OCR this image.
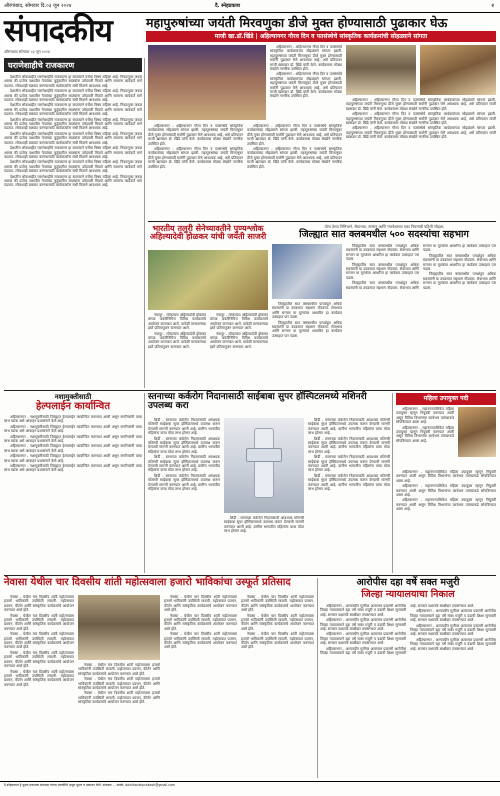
औरंगाबाद, सोमवार दि.०३ जून २०२४	दै. स्नेहप्रकाश	२
संपादकीय
औरंगाबाद सोमवार ०३ जून २०२४
महापुरुषांच्या जयंती मिरवणुका डीजे मुक्त होण्यासाठी पुढाकार घेऊ
माजी खा.डॉ.खिंडे | अहिल्यानगर गौरव दिन व पतसंस्थेचे सांस्कृतिक कार्यक्रमांची सोहळ्याने सांगता
घराणेशाहीचे राजकारण

देशातील लोकशाहीत घराणेशाहीचे राजकारण हा सातत्याने चर्चेचा विषय राहिला आहे. निवडणुका जवळ आल्या की प्रत्येक पक्षातील नेत्यांच्या कुटुंबातील सदस्यांना उमेदवारी मिळते आणि सामान्य कार्यकर्ते मागे पडतात. लोकशाही बळकट करण्यासाठी कार्यकर्त्यांना संधी मिळणे आवश्यक आहे.

देशातील लोकशाहीत घराणेशाहीचे राजकारण हा सातत्याने चर्चेचा विषय राहिला आहे. निवडणुका जवळ आल्या की प्रत्येक पक्षातील नेत्यांच्या कुटुंबातील सदस्यांना उमेदवारी मिळते आणि सामान्य कार्यकर्ते मागे पडतात. लोकशाही बळकट करण्यासाठी कार्यकर्त्यांना संधी मिळणे आवश्यक आहे.

देशातील लोकशाहीत घराणेशाहीचे राजकारण हा सातत्याने चर्चेचा विषय राहिला आहे. निवडणुका जवळ आल्या की प्रत्येक पक्षातील नेत्यांच्या कुटुंबातील सदस्यांना उमेदवारी मिळते आणि सामान्य कार्यकर्ते मागे पडतात. लोकशाही बळकट करण्यासाठी कार्यकर्त्यांना संधी मिळणे आवश्यक आहे.

देशातील लोकशाहीत घराणेशाहीचे राजकारण हा सातत्याने चर्चेचा विषय राहिला आहे. निवडणुका जवळ आल्या की प्रत्येक पक्षातील नेत्यांच्या कुटुंबातील सदस्यांना उमेदवारी मिळते आणि सामान्य कार्यकर्ते मागे पडतात. लोकशाही बळकट करण्यासाठी कार्यकर्त्यांना संधी मिळणे आवश्यक आहे.

देशातील लोकशाहीत घराणेशाहीचे राजकारण हा सातत्याने चर्चेचा विषय राहिला आहे. निवडणुका जवळ आल्या की प्रत्येक पक्षातील नेत्यांच्या कुटुंबातील सदस्यांना उमेदवारी मिळते आणि सामान्य कार्यकर्ते मागे पडतात. लोकशाही बळकट करण्यासाठी कार्यकर्त्यांना संधी मिळणे आवश्यक आहे.

देशातील लोकशाहीत घराणेशाहीचे राजकारण हा सातत्याने चर्चेचा विषय राहिला आहे. निवडणुका जवळ आल्या की प्रत्येक पक्षातील नेत्यांच्या कुटुंबातील सदस्यांना उमेदवारी मिळते आणि सामान्य कार्यकर्ते मागे पडतात. लोकशाही बळकट करण्यासाठी कार्यकर्त्यांना संधी मिळणे आवश्यक आहे.

देशातील लोकशाहीत घराणेशाहीचे राजकारण हा सातत्याने चर्चेचा विषय राहिला आहे. निवडणुका जवळ आल्या की प्रत्येक पक्षातील नेत्यांच्या कुटुंबातील सदस्यांना उमेदवारी मिळते आणि सामान्य कार्यकर्ते मागे पडतात. लोकशाही बळकट करण्यासाठी कार्यकर्त्यांना संधी मिळणे आवश्यक आहे.

देशातील लोकशाहीत घराणेशाहीचे राजकारण हा सातत्याने चर्चेचा विषय राहिला आहे. निवडणुका जवळ आल्या की प्रत्येक पक्षातील नेत्यांच्या कुटुंबातील सदस्यांना उमेदवारी मिळते आणि सामान्य कार्यकर्ते मागे पडतात. लोकशाही बळकट करण्यासाठी कार्यकर्त्यांना संधी मिळणे आवश्यक आहे.

अहिल्यानगर - अहिल्यानगर गौरव दिन व पतसंस्थेचे सांस्कृतिक कार्यक्रमांच्या सोहळ्याने सांगता झाली. महापुरुषांच्या जयंती मिरवणुका डीजे मुक्त होण्यासाठी सर्वांनी पुढाकार घेणे आवश्यक आहे, असे प्रतिपादन माजी खासदार डॉ. खिंडे यांनी केले. कार्यक्रमास मोठ्या संख्येने नागरिक उपस्थित होते.

अहिल्यानगर - अहिल्यानगर गौरव दिन व पतसंस्थेचे सांस्कृतिक कार्यक्रमांच्या सोहळ्याने सांगता झाली. महापुरुषांच्या जयंती मिरवणुका डीजे मुक्त होण्यासाठी सर्वांनी पुढाकार घेणे आवश्यक आहे, असे प्रतिपादन माजी खासदार डॉ. खिंडे यांनी केले. कार्यक्रमास मोठ्या संख्येने नागरिक उपस्थित होते.

अहिल्यानगर - अहिल्यानगर गौरव दिन व पतसंस्थेचे सांस्कृतिक कार्यक्रमांच्या सोहळ्याने सांगता झाली. महापुरुषांच्या जयंती मिरवणुका डीजे मुक्त होण्यासाठी सर्वांनी पुढाकार घेणे आवश्यक आहे, असे प्रतिपादन माजी खासदार डॉ. खिंडे यांनी केले. कार्यक्रमास मोठ्या संख्येने नागरिक उपस्थित होते.

अहिल्यानगर - अहिल्यानगर गौरव दिन व पतसंस्थेचे सांस्कृतिक कार्यक्रमांच्या सोहळ्याने सांगता झाली. महापुरुषांच्या जयंती मिरवणुका डीजे मुक्त होण्यासाठी सर्वांनी पुढाकार घेणे आवश्यक आहे, असे प्रतिपादन माजी खासदार डॉ. खिंडे यांनी केले. कार्यक्रमास मोठ्या संख्येने नागरिक उपस्थित होते.

अहिल्यानगर - अहिल्यानगर गौरव दिन व पतसंस्थेचे सांस्कृतिक कार्यक्रमांच्या सोहळ्याने सांगता झाली. महापुरुषांच्या जयंती मिरवणुका डीजे मुक्त होण्यासाठी सर्वांनी पुढाकार घेणे आवश्यक आहे, असे प्रतिपादन माजी खासदार डॉ. खिंडे यांनी केले. कार्यक्रमास मोठ्या संख्येने नागरिक उपस्थित होते.

अहिल्यानगर - अहिल्यानगर गौरव दिन व पतसंस्थेचे सांस्कृतिक कार्यक्रमांच्या सोहळ्याने सांगता झाली. महापुरुषांच्या जयंती मिरवणुका डीजे मुक्त होण्यासाठी सर्वांनी पुढाकार घेणे आवश्यक आहे, असे प्रतिपादन माजी खासदार डॉ. खिंडे यांनी केले. कार्यक्रमास मोठ्या संख्येने नागरिक उपस्थित होते.

अहिल्यानगर - अहिल्यानगर गौरव दिन व पतसंस्थेचे सांस्कृतिक कार्यक्रमांच्या सोहळ्याने सांगता झाली. महापुरुषांच्या जयंती मिरवणुका डीजे मुक्त होण्यासाठी सर्वांनी पुढाकार घेणे आवश्यक आहे, असे प्रतिपादन माजी खासदार डॉ. खिंडे यांनी केले. कार्यक्रमास मोठ्या संख्येने नागरिक उपस्थित होते.

अहिल्यानगर - अहिल्यानगर गौरव दिन व पतसंस्थेचे सांस्कृतिक कार्यक्रमांच्या सोहळ्याने सांगता झाली. महापुरुषांच्या जयंती मिरवणुका डीजे मुक्त होण्यासाठी सर्वांनी पुढाकार घेणे आवश्यक आहे, असे प्रतिपादन माजी खासदार डॉ. खिंडे यांनी केले. कार्यक्रमास मोठ्या संख्येने नागरिक उपस्थित होते.

अहिल्यानगर - अहिल्यानगर गौरव दिन व पतसंस्थेचे सांस्कृतिक कार्यक्रमांच्या सोहळ्याने सांगता झाली. महापुरुषांच्या जयंती मिरवणुका डीजे मुक्त होण्यासाठी सर्वांनी पुढाकार घेणे आवश्यक आहे, असे प्रतिपादन माजी खासदार डॉ. खिंडे यांनी केले. कार्यक्रमास मोठ्या संख्येने नागरिक उपस्थित होते.

भारतीय तलुरी सेनेच्यावतीने पुण्यश्लोक अहिल्यादेवी होळकर यांची जयंती साजरी

नवापूर - लोकमाता अहिल्यादेवी होळकर यांच्या जयंतीनिमित्त विविध कार्यक्रमांचे आयोजन करण्यात आले. यावेळी मान्यवरांच्या हस्ते प्रतिमापूजन करण्यात आले.

नवापूर - लोकमाता अहिल्यादेवी होळकर यांच्या जयंतीनिमित्त विविध कार्यक्रमांचे आयोजन करण्यात आले. यावेळी मान्यवरांच्या हस्ते प्रतिमापूजन करण्यात आले.

नवापूर - लोकमाता अहिल्यादेवी होळकर यांच्या जयंतीनिमित्त विविध कार्यक्रमांचे आयोजन करण्यात आले. यावेळी मान्यवरांच्या हस्ते प्रतिमापूजन करण्यात आले.

नवापूर - लोकमाता अहिल्यादेवी होळकर यांच्या जयंतीनिमित्त विविध कार्यक्रमांचे आयोजन करण्यात आले. यावेळी मान्यवरांच्या हस्ते प्रतिमापूजन करण्यात आले.

योगा डेच्या निमित्ताने, सेवाभाव, सन्मान आणि गणवेशाच्या एका नियमाची पहिली सोहळा
जिल्ह्यात सात क्लबमधील ५०० सदस्यांचा सहभाग

जिल्ह्यातील सात क्लबमधील पाचशेहून अधिक सदस्यांनी या उपक्रमात सहभाग नोंदवला. सेवाभाव आणि सन्मान या मूल्यांवर आधारित हा कार्यक्रम उत्साहात पार पडला.

जिल्ह्यातील सात क्लबमधील पाचशेहून अधिक सदस्यांनी या उपक्रमात सहभाग नोंदवला. सेवाभाव आणि सन्मान या मूल्यांवर आधारित हा कार्यक्रम उत्साहात पार पडला.

जिल्ह्यातील सात क्लबमधील पाचशेहून अधिक सदस्यांनी या उपक्रमात सहभाग नोंदवला. सेवाभाव आणि सन्मान या मूल्यांवर आधारित हा कार्यक्रम उत्साहात पार पडला.

जिल्ह्यातील सात क्लबमधील पाचशेहून अधिक सदस्यांनी या उपक्रमात सहभाग नोंदवला. सेवाभाव आणि सन्मान या मूल्यांवर आधारित हा कार्यक्रम उत्साहात पार पडला.

जिल्ह्यातील सात क्लबमधील पाचशेहून अधिक सदस्यांनी या उपक्रमात सहभाग नोंदवला. सेवाभाव आणि सन्मान या मूल्यांवर आधारित हा कार्यक्रम उत्साहात पार पडला.

जिल्ह्यातील सात क्लबमधील पाचशेहून अधिक सदस्यांनी या उपक्रमात सहभाग नोंदवला. सेवाभाव आणि सन्मान या मूल्यांवर आधारित हा कार्यक्रम उत्साहात पार पडला.

जिल्ह्यातील सात क्लबमधील पाचशेहून अधिक सदस्यांनी या उपक्रमात सहभाग नोंदवला. सेवाभाव आणि सन्मान या मूल्यांवर आधारित हा कार्यक्रम उत्साहात पार पडला.

नशामुक्तीसाठी
हेल्पलाईन कार्यान्वित

अहिल्यानगर - नशामुक्तीसाठी जिल्ह्यात हेल्पलाईन कार्यान्वित करण्यात आली असून नागरिकांनी याचा लाभ घ्यावा असे आवाहन प्रशासनाने केले आहे.

अहिल्यानगर - नशामुक्तीसाठी जिल्ह्यात हेल्पलाईन कार्यान्वित करण्यात आली असून नागरिकांनी याचा लाभ घ्यावा असे आवाहन प्रशासनाने केले आहे.

अहिल्यानगर - नशामुक्तीसाठी जिल्ह्यात हेल्पलाईन कार्यान्वित करण्यात आली असून नागरिकांनी याचा लाभ घ्यावा असे आवाहन प्रशासनाने केले आहे.

अहिल्यानगर - नशामुक्तीसाठी जिल्ह्यात हेल्पलाईन कार्यान्वित करण्यात आली असून नागरिकांनी याचा लाभ घ्यावा असे आवाहन प्रशासनाने केले आहे.

अहिल्यानगर - नशामुक्तीसाठी जिल्ह्यात हेल्पलाईन कार्यान्वित करण्यात आली असून नागरिकांनी याचा लाभ घ्यावा असे आवाहन प्रशासनाने केले आहे.

अहिल्यानगर - नशामुक्तीसाठी जिल्ह्यात हेल्पलाईन कार्यान्वित करण्यात आली असून नागरिकांनी याचा लाभ घ्यावा असे आवाहन प्रशासनाने केले आहे.

स्तनाच्या कर्करोग निदानासाठी साईबाबा सुपर हॉस्पिटलमध्ये मशिनरी उपलब्ध करा

शिर्डी - स्तनाच्या कर्करोग निदानासाठी आवश्यक मशिनरी साईबाबा सुपर हॉस्पिटलमध्ये उपलब्ध करून देण्याची मागणी करण्यात आली आहे. ग्रामीण भागातील महिलांना याचा मोठा लाभ होणार आहे.

शिर्डी - स्तनाच्या कर्करोग निदानासाठी आवश्यक मशिनरी साईबाबा सुपर हॉस्पिटलमध्ये उपलब्ध करून देण्याची मागणी करण्यात आली आहे. ग्रामीण भागातील महिलांना याचा मोठा लाभ होणार आहे.

शिर्डी - स्तनाच्या कर्करोग निदानासाठी आवश्यक मशिनरी साईबाबा सुपर हॉस्पिटलमध्ये उपलब्ध करून देण्याची मागणी करण्यात आली आहे. ग्रामीण भागातील महिलांना याचा मोठा लाभ होणार आहे.

शिर्डी - स्तनाच्या कर्करोग निदानासाठी आवश्यक मशिनरी साईबाबा सुपर हॉस्पिटलमध्ये उपलब्ध करून देण्याची मागणी करण्यात आली आहे. ग्रामीण भागातील महिलांना याचा मोठा लाभ होणार आहे.

शिर्डी - स्तनाच्या कर्करोग निदानासाठी आवश्यक मशिनरी साईबाबा सुपर हॉस्पिटलमध्ये उपलब्ध करून देण्याची मागणी करण्यात आली आहे. ग्रामीण भागातील महिलांना याचा मोठा लाभ होणार आहे.

शिर्डी - स्तनाच्या कर्करोग निदानासाठी आवश्यक मशिनरी साईबाबा सुपर हॉस्पिटलमध्ये उपलब्ध करून देण्याची मागणी करण्यात आली आहे. ग्रामीण भागातील महिलांना याचा मोठा लाभ होणार आहे.

शिर्डी - स्तनाच्या कर्करोग निदानासाठी आवश्यक मशिनरी साईबाबा सुपर हॉस्पिटलमध्ये उपलब्ध करून देण्याची मागणी करण्यात आली आहे. ग्रामीण भागातील महिलांना याचा मोठा लाभ होणार आहे.

शिर्डी - स्तनाच्या कर्करोग निदानासाठी आवश्यक मशिनरी साईबाबा सुपर हॉस्पिटलमध्ये उपलब्ध करून देण्याची मागणी करण्यात आली आहे. ग्रामीण भागातील महिलांना याचा मोठा लाभ होणार आहे.

शिर्डी - स्तनाच्या कर्करोग निदानासाठी आवश्यक मशिनरी साईबाबा सुपर हॉस्पिटलमध्ये उपलब्ध करून देण्याची मागणी करण्यात आली आहे. ग्रामीण भागातील महिलांना याचा मोठा लाभ होणार आहे.

महिला उपायुक्त पदी

अहिल्यानगर - महानगरपालिकेत महिला उपायुक्त म्हणून नियुक्ती करण्यात आली असून विविध विभागांचा कार्यभार त्यांच्याकडे सोपविण्यात आला आहे.

अहिल्यानगर - महानगरपालिकेत महिला उपायुक्त म्हणून नियुक्ती करण्यात आली असून विविध विभागांचा कार्यभार त्यांच्याकडे सोपविण्यात आला आहे.

अहिल्यानगर - महानगरपालिकेत महिला उपायुक्त म्हणून नियुक्ती करण्यात आली असून विविध विभागांचा कार्यभार त्यांच्याकडे सोपविण्यात आला आहे.

अहिल्यानगर - महानगरपालिकेत महिला उपायुक्त म्हणून नियुक्ती करण्यात आली असून विविध विभागांचा कार्यभार त्यांच्याकडे सोपविण्यात आला आहे.

अहिल्यानगर - महानगरपालिकेत महिला उपायुक्त म्हणून नियुक्ती करण्यात आली असून विविध विभागांचा कार्यभार त्यांच्याकडे सोपविण्यात आला आहे.

नेवासा येथील चार दिवसीय शांती महोत्सवाला हजारो भाविकांचा उस्फूर्त प्रतिसाद

नेवासा - येथील चार दिवसीय शांती महोत्सवाला हजारो भाविकांनी उपस्थिती लावली. महोत्सवात प्रवचन, कीर्तन आणि सांस्कृतिक कार्यक्रमांचे आयोजन करण्यात आले होते.

नेवासा - येथील चार दिवसीय शांती महोत्सवाला हजारो भाविकांनी उपस्थिती लावली. महोत्सवात प्रवचन, कीर्तन आणि सांस्कृतिक कार्यक्रमांचे आयोजन करण्यात आले होते.

नेवासा - येथील चार दिवसीय शांती महोत्सवाला हजारो भाविकांनी उपस्थिती लावली. महोत्सवात प्रवचन, कीर्तन आणि सांस्कृतिक कार्यक्रमांचे आयोजन करण्यात आले होते.

नेवासा - येथील चार दिवसीय शांती महोत्सवाला हजारो भाविकांनी उपस्थिती लावली. महोत्सवात प्रवचन, कीर्तन आणि सांस्कृतिक कार्यक्रमांचे आयोजन करण्यात आले होते.

नेवासा - येथील चार दिवसीय शांती महोत्सवाला हजारो भाविकांनी उपस्थिती लावली. महोत्सवात प्रवचन, कीर्तन आणि सांस्कृतिक कार्यक्रमांचे आयोजन करण्यात आले होते.

नेवासा - येथील चार दिवसीय शांती महोत्सवाला हजारो भाविकांनी उपस्थिती लावली. महोत्सवात प्रवचन, कीर्तन आणि सांस्कृतिक कार्यक्रमांचे आयोजन करण्यात आले होते.

नेवासा - येथील चार दिवसीय शांती महोत्सवाला हजारो भाविकांनी उपस्थिती लावली. महोत्सवात प्रवचन, कीर्तन आणि सांस्कृतिक कार्यक्रमांचे आयोजन करण्यात आले होते.

नेवासा - येथील चार दिवसीय शांती महोत्सवाला हजारो भाविकांनी उपस्थिती लावली. महोत्सवात प्रवचन, कीर्तन आणि सांस्कृतिक कार्यक्रमांचे आयोजन करण्यात आले होते.

नेवासा - येथील चार दिवसीय शांती महोत्सवाला हजारो भाविकांनी उपस्थिती लावली. महोत्सवात प्रवचन, कीर्तन आणि सांस्कृतिक कार्यक्रमांचे आयोजन करण्यात आले होते.

नेवासा - येथील चार दिवसीय शांती महोत्सवाला हजारो भाविकांनी उपस्थिती लावली. महोत्सवात प्रवचन, कीर्तन आणि सांस्कृतिक कार्यक्रमांचे आयोजन करण्यात आले होते.

नेवासा - येथील चार दिवसीय शांती महोत्सवाला हजारो भाविकांनी उपस्थिती लावली. महोत्सवात प्रवचन, कीर्तन आणि सांस्कृतिक कार्यक्रमांचे आयोजन करण्यात आले होते.

नेवासा - येथील चार दिवसीय शांती महोत्सवाला हजारो भाविकांनी उपस्थिती लावली. महोत्सवात प्रवचन, कीर्तन आणि सांस्कृतिक कार्यक्रमांचे आयोजन करण्यात आले होते.

नेवासा - येथील चार दिवसीय शांती महोत्सवाला हजारो भाविकांनी उपस्थिती लावली. महोत्सवात प्रवचन, कीर्तन आणि सांस्कृतिक कार्यक्रमांचे आयोजन करण्यात आले होते.

नेवासा - येथील चार दिवसीय शांती महोत्सवाला हजारो भाविकांनी उपस्थिती लावली. महोत्सवात प्रवचन, कीर्तन आणि सांस्कृतिक कार्यक्रमांचे आयोजन करण्यात आले होते.

आरोपीस दहा वर्षे सक्त मजुरी
जिल्हा न्यायालयाचा निकाल

अहिल्यानगर - अल्पवयीन मुलीवर अत्याचार प्रकरणी आरोपीस जिल्हा न्यायालयाने दहा वर्षे सक्त मजुरी व दंडाची शिक्षा सुनावली आहे. सरकार पक्षातर्फे साक्षीदार तपासण्यात आले.

अहिल्यानगर - अल्पवयीन मुलीवर अत्याचार प्रकरणी आरोपीस जिल्हा न्यायालयाने दहा वर्षे सक्त मजुरी व दंडाची शिक्षा सुनावली आहे. सरकार पक्षातर्फे साक्षीदार तपासण्यात आले.

अहिल्यानगर - अल्पवयीन मुलीवर अत्याचार प्रकरणी आरोपीस जिल्हा न्यायालयाने दहा वर्षे सक्त मजुरी व दंडाची शिक्षा सुनावली आहे. सरकार पक्षातर्फे साक्षीदार तपासण्यात आले.

अहिल्यानगर - अल्पवयीन मुलीवर अत्याचार प्रकरणी आरोपीस जिल्हा न्यायालयाने दहा वर्षे सक्त मजुरी व दंडाची शिक्षा सुनावली आहे. सरकार पक्षातर्फे साक्षीदार तपासण्यात आले.

अहिल्यानगर - अल्पवयीन मुलीवर अत्याचार प्रकरणी आरोपीस जिल्हा न्यायालयाने दहा वर्षे सक्त मजुरी व दंडाची शिक्षा सुनावली आहे. सरकार पक्षातर्फे साक्षीदार तपासण्यात आले.

अहिल्यानगर - अल्पवयीन मुलीवर अत्याचार प्रकरणी आरोपीस जिल्हा न्यायालयाने दहा वर्षे सक्त मजुरी व दंडाची शिक्षा सुनावली आहे. सरकार पक्षातर्फे साक्षीदार तपासण्यात आले.

अहिल्यानगर - अल्पवयीन मुलीवर अत्याचार प्रकरणी आरोपीस जिल्हा न्यायालयाने दहा वर्षे सक्त मजुरी व दंडाची शिक्षा सुनावली आहे. सरकार पक्षातर्फे साक्षीदार तपासण्यात आले.

दै.स्नेहप्रकाश हे मुद्रक प्रकाशक संपादक यांच्या मालकीचे असून मुद्रण व प्रकाशन केले. संपादक ... संपर्क: dainiksnehprakash@gmail.com
